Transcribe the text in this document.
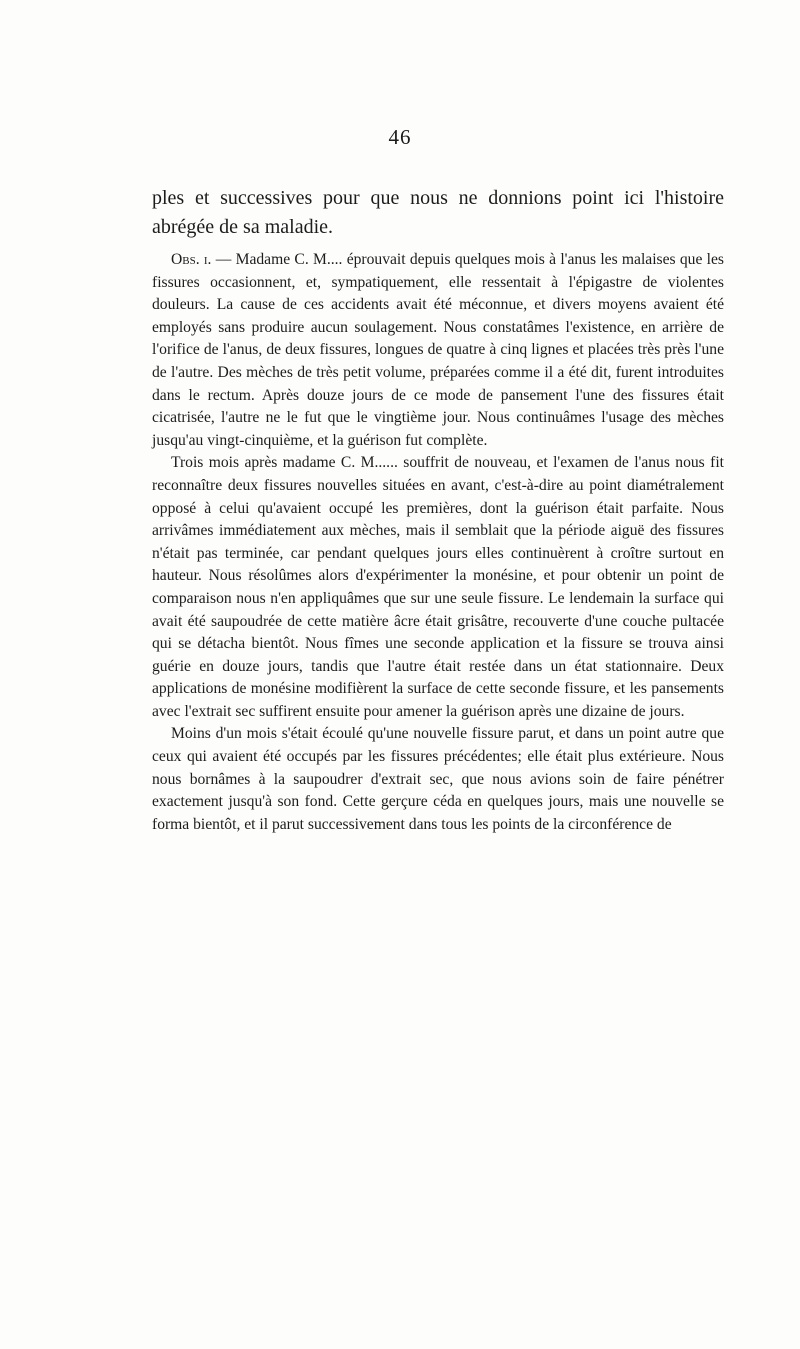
46

ples et successives pour que nous ne donnions point ici l'histoire abrégée de sa maladie.

Obs. i. — Madame C. M.... éprouvait depuis quelques mois à l'anus les malaises que les fissures occasionnent, et, sympatiquement, elle ressentait à l'épigastre de violentes douleurs. La cause de ces accidents avait été méconnue, et divers moyens avaient été employés sans produire aucun soulagement. Nous constatâmes l'existence, en arrière de l'orifice de l'anus, de deux fissures, longues de quatre à cinq lignes et placées très près l'une de l'autre. Des mèches de très petit volume, préparées comme il a été dit, furent introduites dans le rectum. Après douze jours de ce mode de pansement l'une des fissures était cicatrisée, l'autre ne le fut que le vingtième jour. Nous continuâmes l'usage des mèches jusqu'au vingt-cinquième, et la guérison fut complète.

Trois mois après madame C. M...... souffrit de nouveau, et l'examen de l'anus nous fit reconnaître deux fissures nouvelles situées en avant, c'est-à-dire au point diamétralement opposé à celui qu'avaient occupé les premières, dont la guérison était parfaite. Nous arrivâmes immédiatement aux mèches, mais il semblait que la période aiguë des fissures n'était pas terminée, car pendant quelques jours elles continuèrent à croître surtout en hauteur. Nous résolûmes alors d'expérimenter la monésine, et pour obtenir un point de comparaison nous n'en appliquâmes que sur une seule fissure. Le lendemain la surface qui avait été saupoudrée de cette matière âcre était grisâtre, recouverte d'une couche pultacée qui se détacha bientôt. Nous fîmes une seconde application et la fissure se trouva ainsi guérie en douze jours, tandis que l'autre était restée dans un état stationnaire. Deux applications de monésine modifièrent la surface de cette seconde fissure, et les pansements avec l'extrait sec suffirent ensuite pour amener la guérison après une dizaine de jours.

Moins d'un mois s'était écoulé qu'une nouvelle fissure parut, et dans un point autre que ceux qui avaient été occupés par les fissures précédentes; elle était plus extérieure. Nous nous bornâmes à la saupoudrer d'extrait sec, que nous avions soin de faire pénétrer exactement jusqu'à son fond. Cette gerçure céda en quelques jours, mais une nouvelle se forma bientôt, et il parut successivement dans tous les points de la circonférence de
